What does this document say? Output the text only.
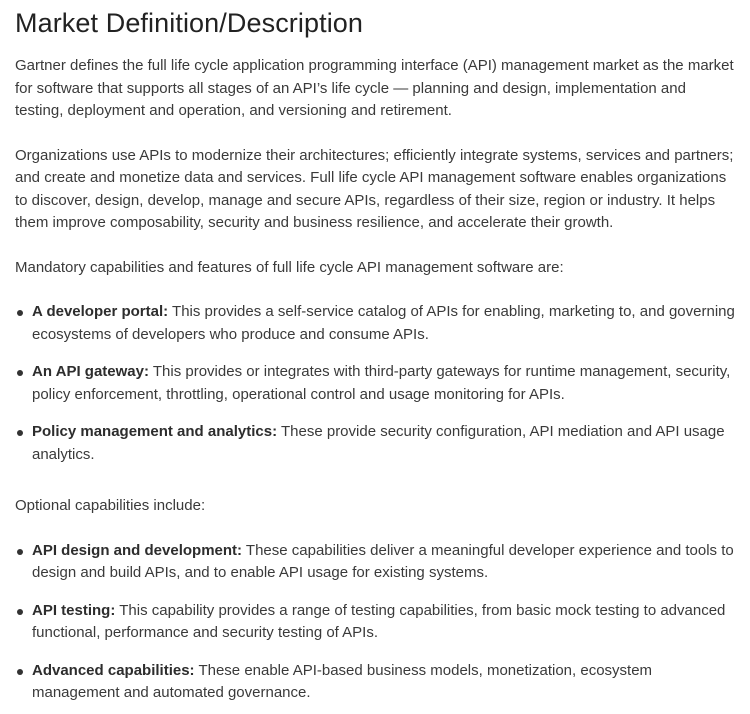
Market Definition/Description

Gartner defines the full life cycle application programming interface (API) management market as the market for software that supports all stages of an API’s life cycle — planning and design, implementation and testing, deployment and operation, and versioning and retirement.

Organizations use APIs to modernize their architectures; efficiently integrate systems, services and partners; and create and monetize data and services. Full life cycle API management software enables organizations to discover, design, develop, manage and secure APIs, regardless of their size, region or industry. It helps them improve composability, security and business resilience, and accelerate their growth.

Mandatory capabilities and features of full life cycle API management software are:

A developer portal: This provides a self-service catalog of APIs for enabling, marketing to, and governing ecosystems of developers who produce and consume APIs.
An API gateway: This provides or integrates with third-party gateways for runtime management, security, policy enforcement, throttling, operational control and usage monitoring for APIs.
Policy management and analytics: These provide security configuration, API mediation and API usage analytics.

Optional capabilities include:

API design and development: These capabilities deliver a meaningful developer experience and tools to design and build APIs, and to enable API usage for existing systems.
API testing: This capability provides a range of testing capabilities, from basic mock testing to advanced functional, performance and security testing of APIs.
Advanced capabilities: These enable API-based business models, monetization, ecosystem management and automated governance.
